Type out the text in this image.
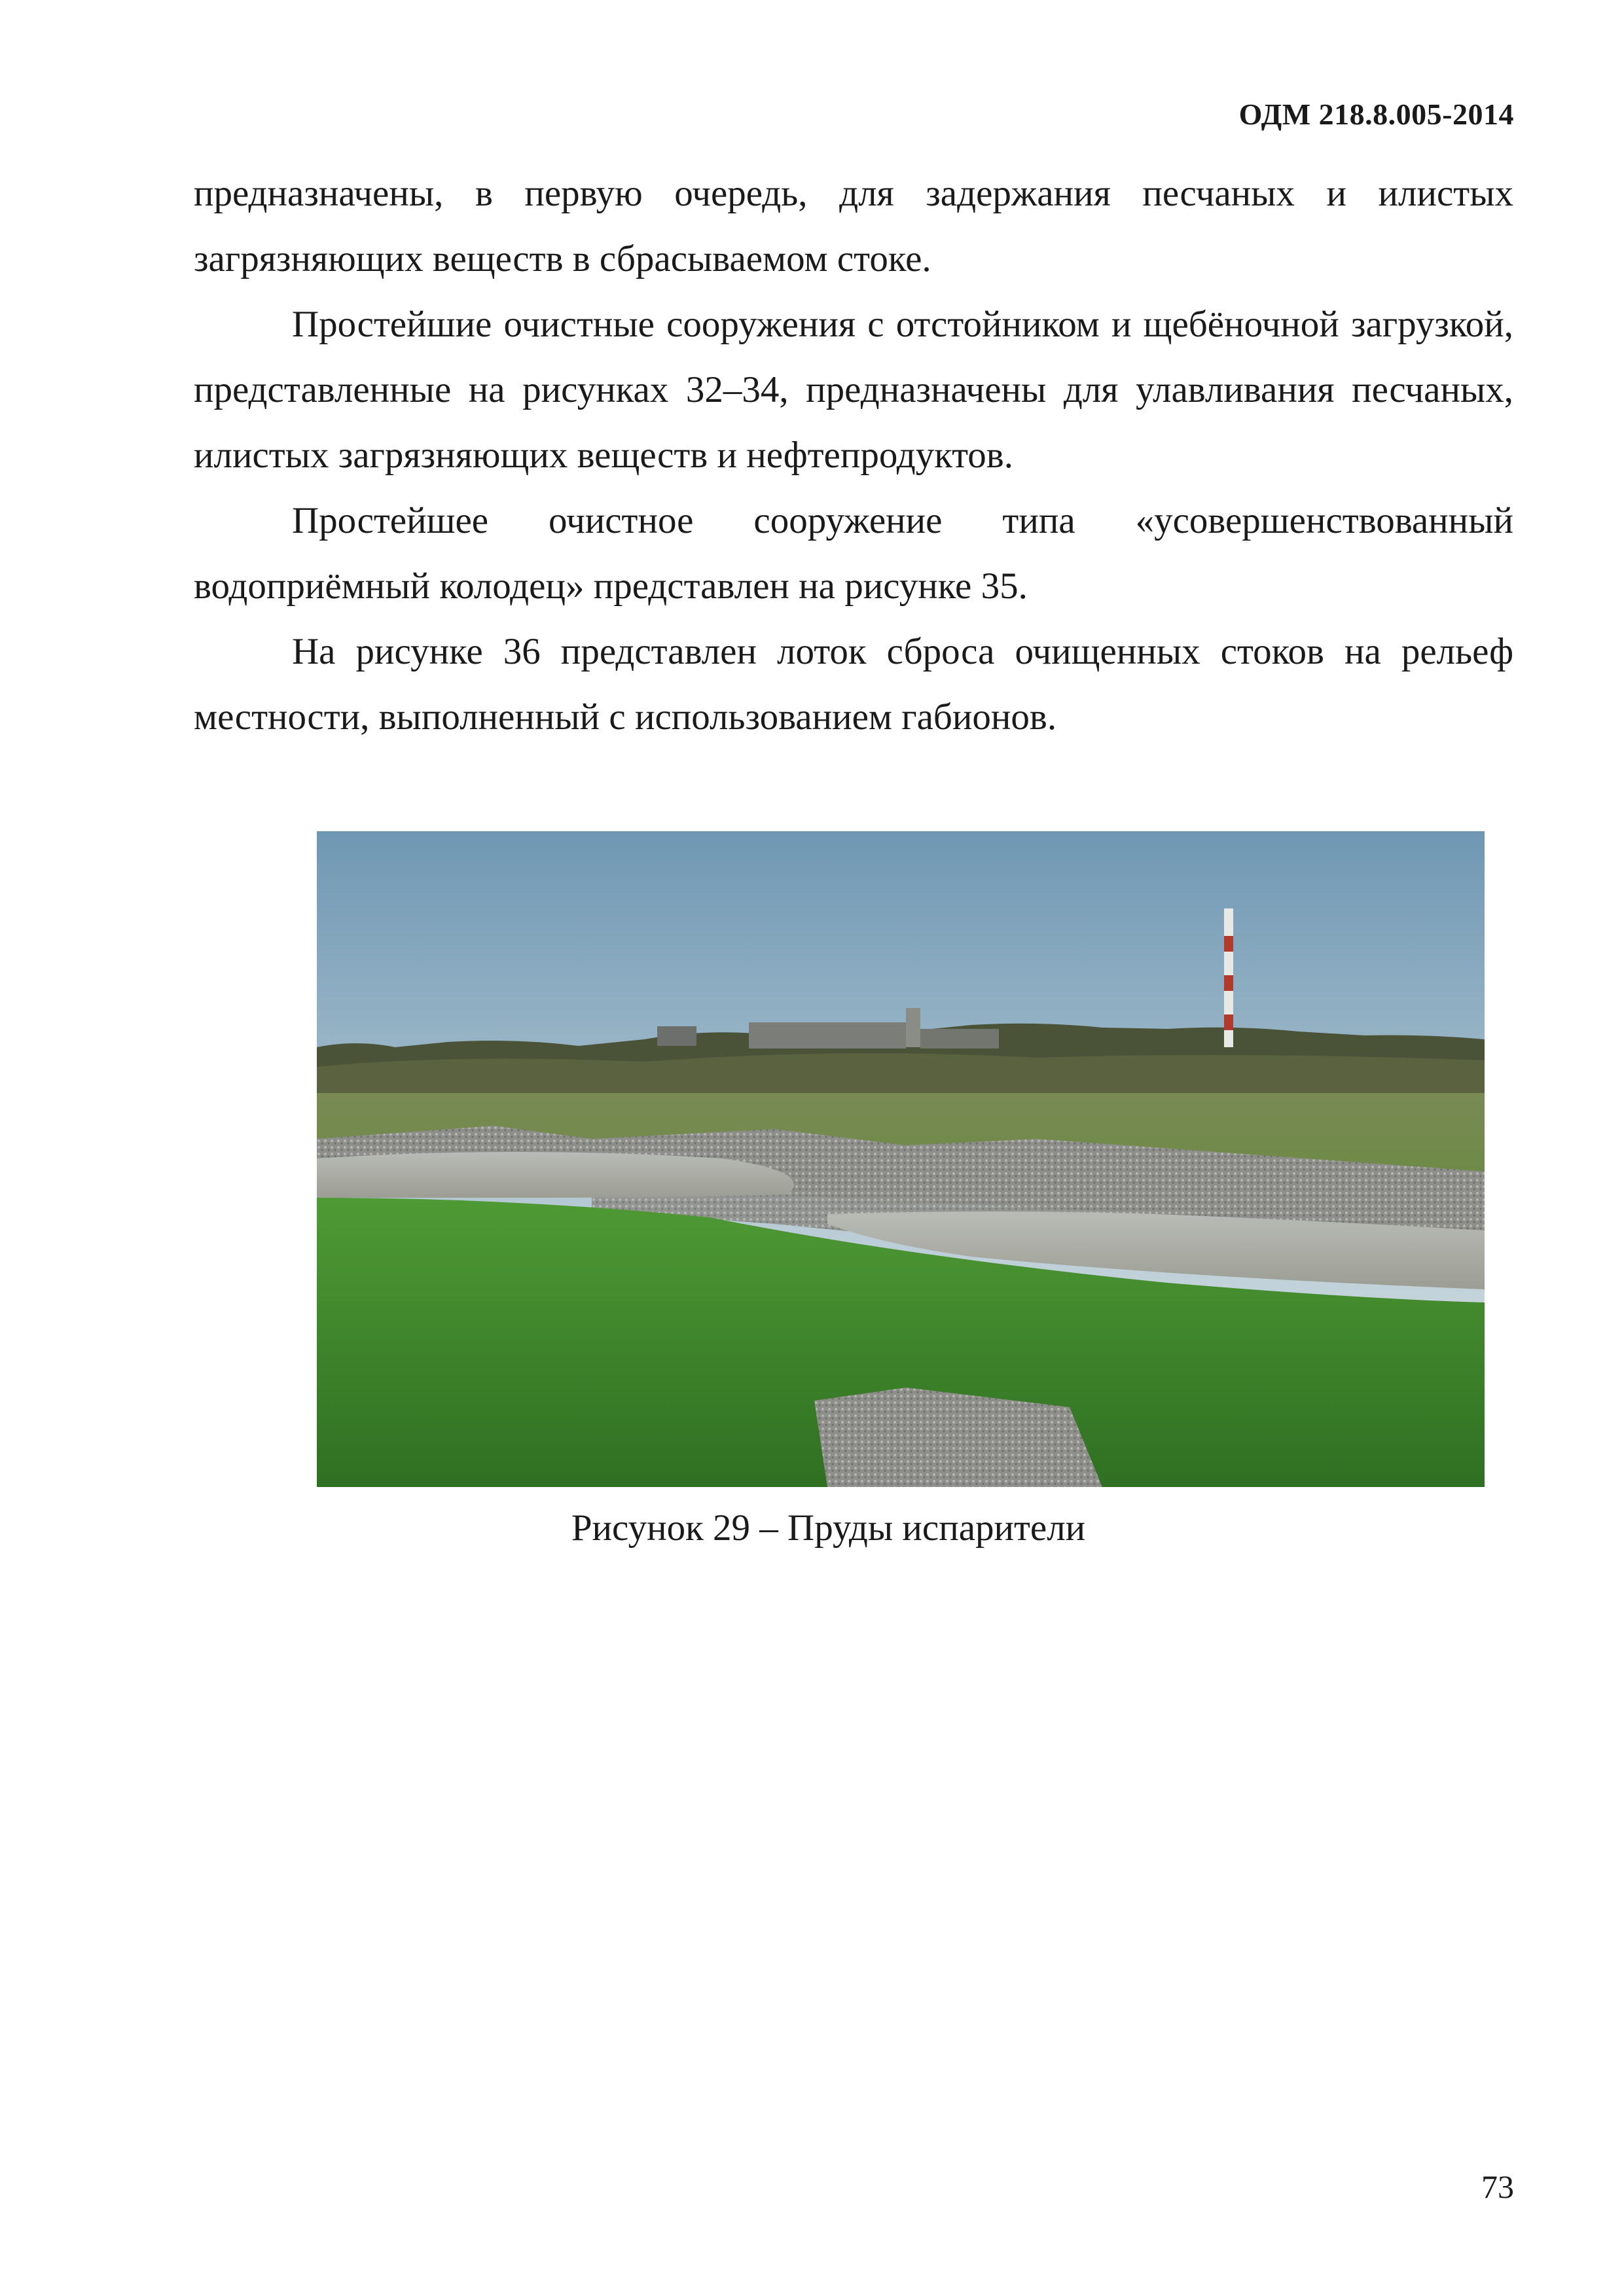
ОДМ 218.8.005-2014

предназначены, в первую очередь, для задержания песчаных и илистых загрязняющих веществ в сбрасываемом стоке.

Простейшие очистные сооружения с отстойником и щебёночной загрузкой, представленные на рисунках 32–34, предназначены для улавливания песчаных, илистых загрязняющих веществ и нефтепродуктов.

Простейшее очистное сооружение типа «усовершенствованный водоприёмный колодец» представлен на рисунке 35.

На рисунке 36 представлен лоток сброса очищенных стоков на рельеф местности, выполненный с использованием габионов.

Рисунок 29 – Пруды испарители
73
